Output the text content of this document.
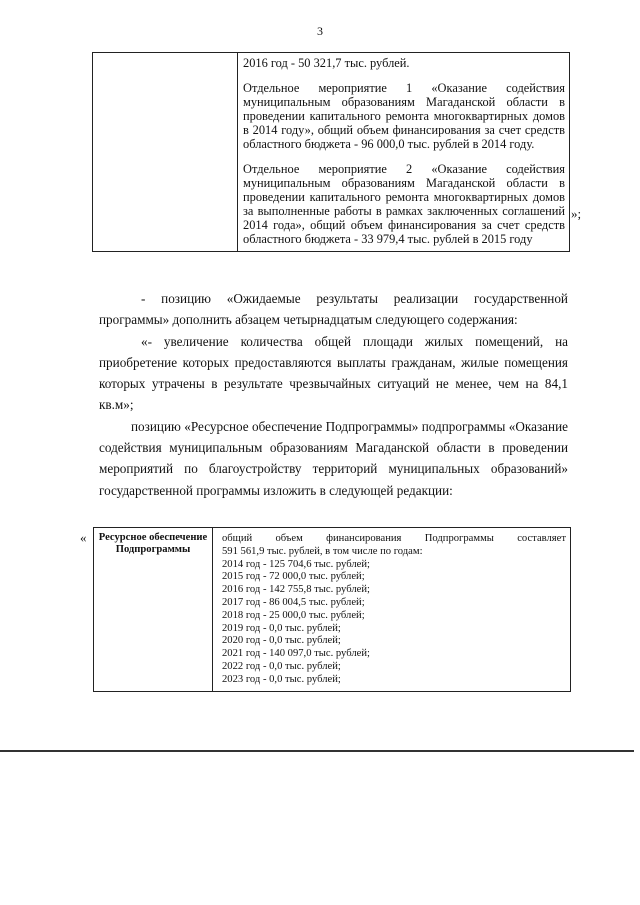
3

2016 год - 50 321,7 тыс. рублей.

Отдельное мероприятие 1 «Оказание содействия муниципальным образованиям Магаданской области в проведении капитального ремонта многоквартирных домов в 2014 году», общий объем финансирования за счет средств областного бюджета - 96 000,0 тыс. рублей в 2014 году.

Отдельное мероприятие 2 «Оказание содействия муниципальным образованиям Магаданской области в проведении капитального ремонта многоквартирных домов за выполненные работы в рамках заключенных соглашений 2014 года», общий объем финансирования за счет средств областного бюджета - 33 979,4 тыс. рублей в 2015 году

»;

- позицию «Ожидаемые результаты реализации государственной программы» дополнить абзацем четырнадцатым следующего содержания:

«- увеличение количества общей площади жилых помещений, на приобретение которых предоставляются выплаты гражданам, жилые помещения которых утрачены в результате чрезвычайных ситуаций не менее, чем на 84,1 кв.м»;

позицию «Ресурсное обеспечение Подпрограммы» подпрограммы «Оказание содействия муниципальным образованиям Магаданской области в проведении мероприятий по благоустройству территорий муниципальных образований» государственной программы изложить в следующей редакции:

« Ресурсное обеспечение Подпрограммы	

общий объем финансирования Подпрограммы составляет

591 561,9 тыс. рублей, в том числе по годам:

2014 год - 125 704,6 тыс. рублей;

2015 год - 72 000,0 тыс. рублей;

2016 год - 142 755,8 тыс. рублей;

2017 год - 86 004,5 тыс. рублей;

2018 год - 25 000,0 тыс. рублей;

2019 год - 0,0 тыс. рублей;

2020 год - 0,0 тыс. рублей;

2021 год - 140 097,0 тыс. рублей;

2022 год - 0,0 тыс. рублей;

2023 год - 0,0 тыс. рублей;
